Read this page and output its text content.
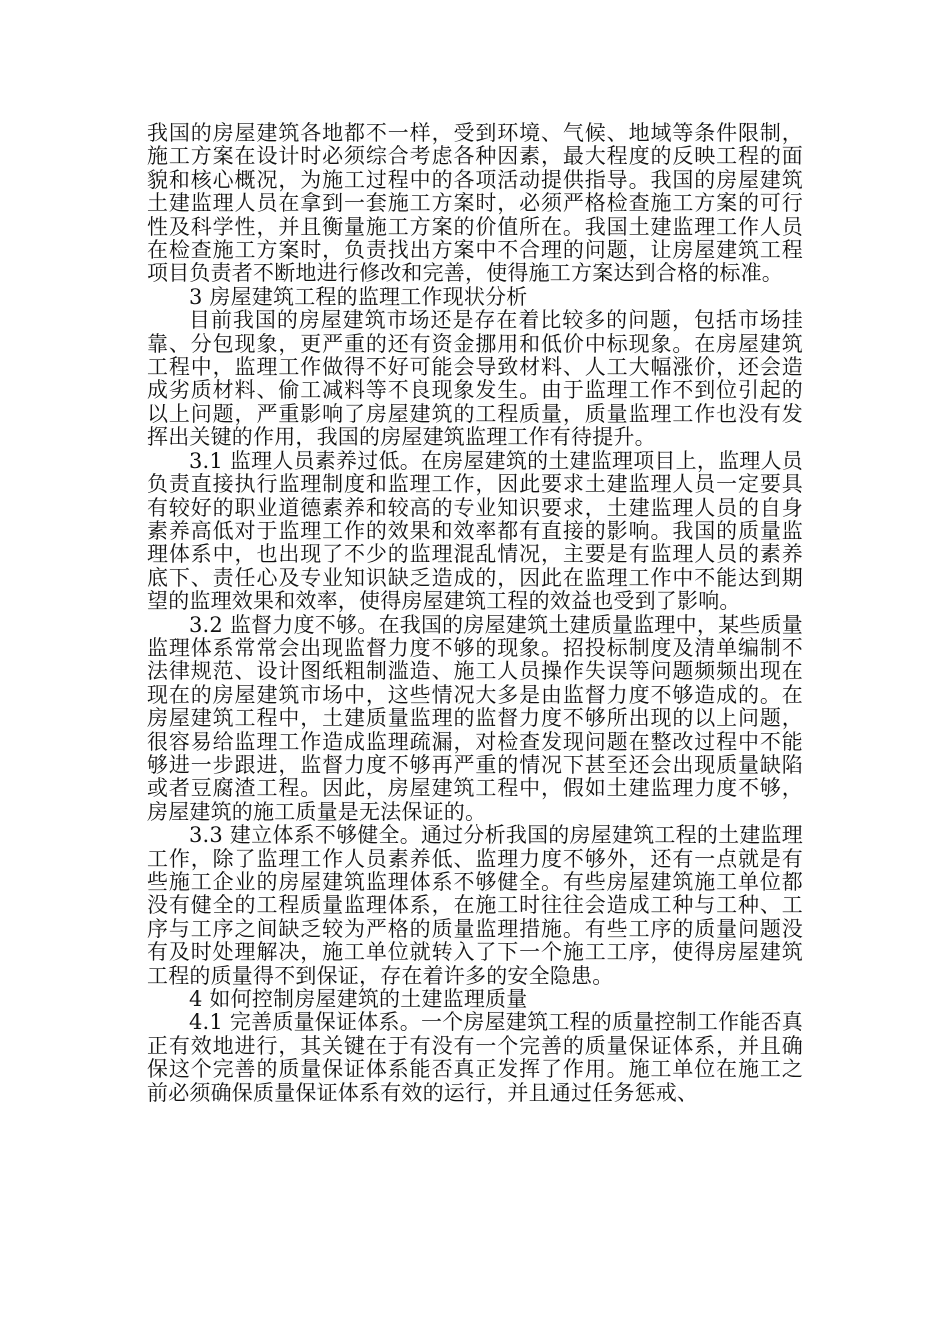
我国的房屋建筑各地都不一样，受到环境、气候、地域等条件限制，施工方案在设计时必须综合考虑各种因素，最大程度的反映工程的面貌和核心概况，为施工过程中的各项活动提供指导。我国的房屋建筑土建监理人员在拿到一套施工方案时，必须严格检查施工方案的可行性及科学性，并且衡量施工方案的价值所在。我国土建监理工作人员在检查施工方案时，负责找出方案中不合理的问题，让房屋建筑工程项目负责者不断地进行修改和完善，使得施工方案达到合格的标准。

3 房屋建筑工程的监理工作现状分析

目前我国的房屋建筑市场还是存在着比较多的问题，包括市场挂靠、分包现象，更严重的还有资金挪用和低价中标现象。在房屋建筑工程中，监理工作做得不好可能会导致材料、人工大幅涨价，还会造成劣质材料、偷工减料等不良现象发生。由于监理工作不到位引起的以上问题，严重影响了房屋建筑的工程质量，质量监理工作也没有发挥出关键的作用，我国的房屋建筑监理工作有待提升。

3.1 监理人员素养过低。在房屋建筑的土建监理项目上，监理人员负责直接执行监理制度和监理工作，因此要求土建监理人员一定要具有较好的职业道德素养和较高的专业知识要求，土建监理人员的自身素养高低对于监理工作的效果和效率都有直接的影响。我国的质量监理体系中，也出现了不少的监理混乱情况，主要是有监理人员的素养底下、责任心及专业知识缺乏造成的，因此在监理工作中不能达到期望的监理效果和效率，使得房屋建筑工程的效益也受到了影响。

3.2 监督力度不够。在我国的房屋建筑土建质量监理中，某些质量监理体系常常会出现监督力度不够的现象。招投标制度及清单编制不法律规范、设计图纸粗制滥造、施工人员操作失误等问题频频出现在现在的房屋建筑市场中，这些情况大多是由监督力度不够造成的。在房屋建筑工程中，土建质量监理的监督力度不够所出现的以上问题，很容易给监理工作造成监理疏漏，对检查发现问题在整改过程中不能够进一步跟进，监督力度不够再严重的情况下甚至还会出现质量缺陷或者豆腐渣工程。因此，房屋建筑工程中，假如土建监理力度不够，房屋建筑的施工质量是无法保证的。

3.3 建立体系不够健全。通过分析我国的房屋建筑工程的土建监理工作，除了监理工作人员素养低、监理力度不够外，还有一点就是有些施工企业的房屋建筑监理体系不够健全。有些房屋建筑施工单位都没有健全的工程质量监理体系，在施工时往往会造成工种与工种、工序与工序之间缺乏较为严格的质量监理措施。有些工序的质量问题没有及时处理解决，施工单位就转入了下一个施工工序，使得房屋建筑工程的质量得不到保证，存在着许多的安全隐患。

4 如何控制房屋建筑的土建监理质量

4.1 完善质量保证体系。一个房屋建筑工程的质量控制工作能否真正有效地进行，其关键在于有没有一个完善的质量保证体系，并且确保这个完善的质量保证体系能否真正发挥了作用。施工单位在施工之前必须确保质量保证体系有效的运行，并且通过任务惩戒、
